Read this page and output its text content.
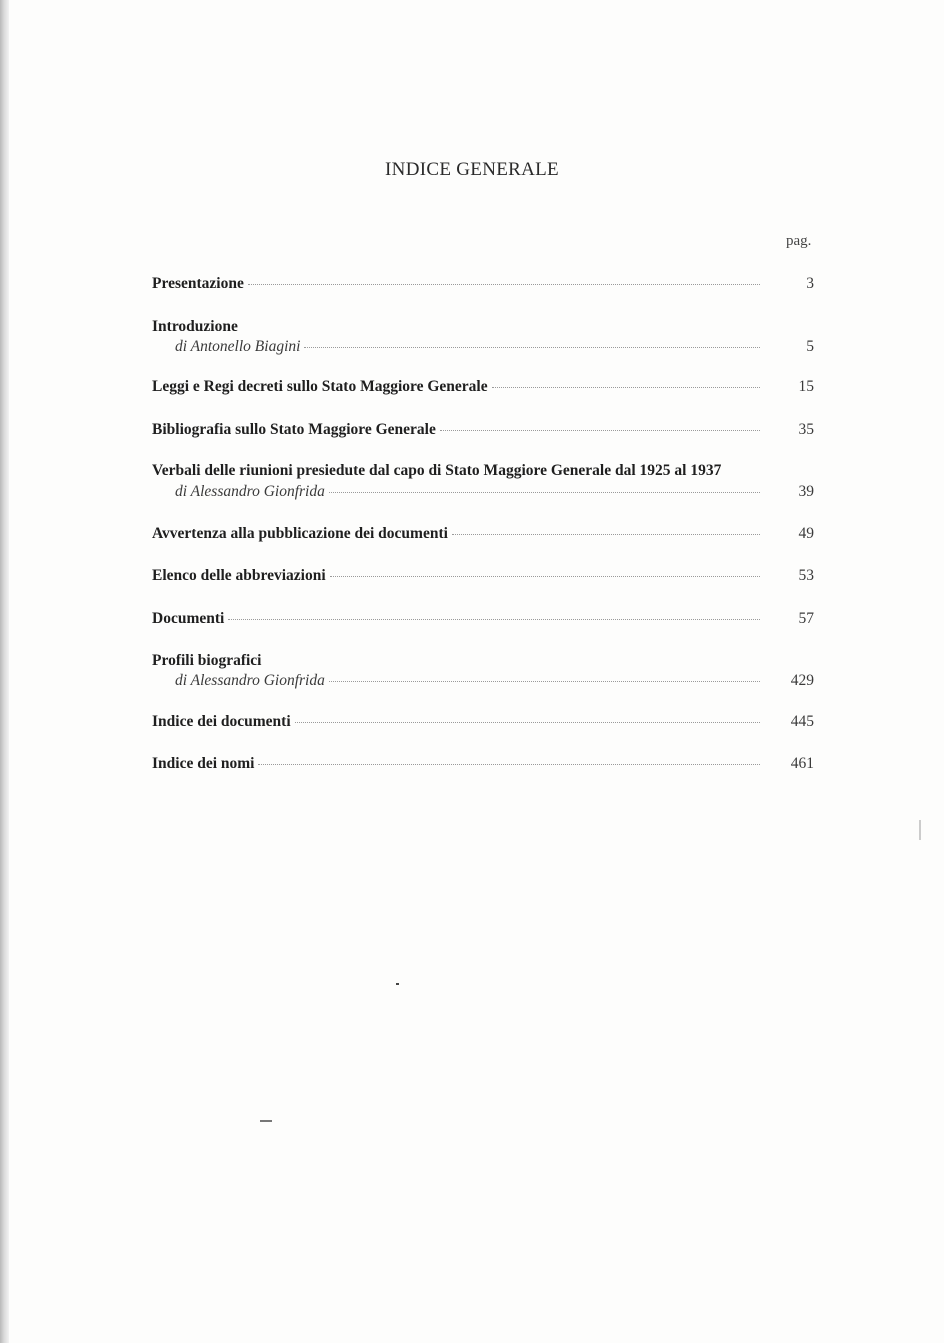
INDICE GENERALE
pag.
Presentazione	3
Introduzione
di Antonello Biagini	5
Leggi e Regi decreti sullo Stato Maggiore Generale	15
Bibliografia sullo Stato Maggiore Generale	35
Verbali delle riunioni presiedute dal capo di Stato Maggiore Generale dal 1925 al 1937
di Alessandro Gionfrida	39
Avvertenza alla pubblicazione dei documenti	49
Elenco delle abbreviazioni	53
Documenti	57
Profili biografici
di Alessandro Gionfrida	429
Indice dei documenti	445
Indice dei nomi	461
